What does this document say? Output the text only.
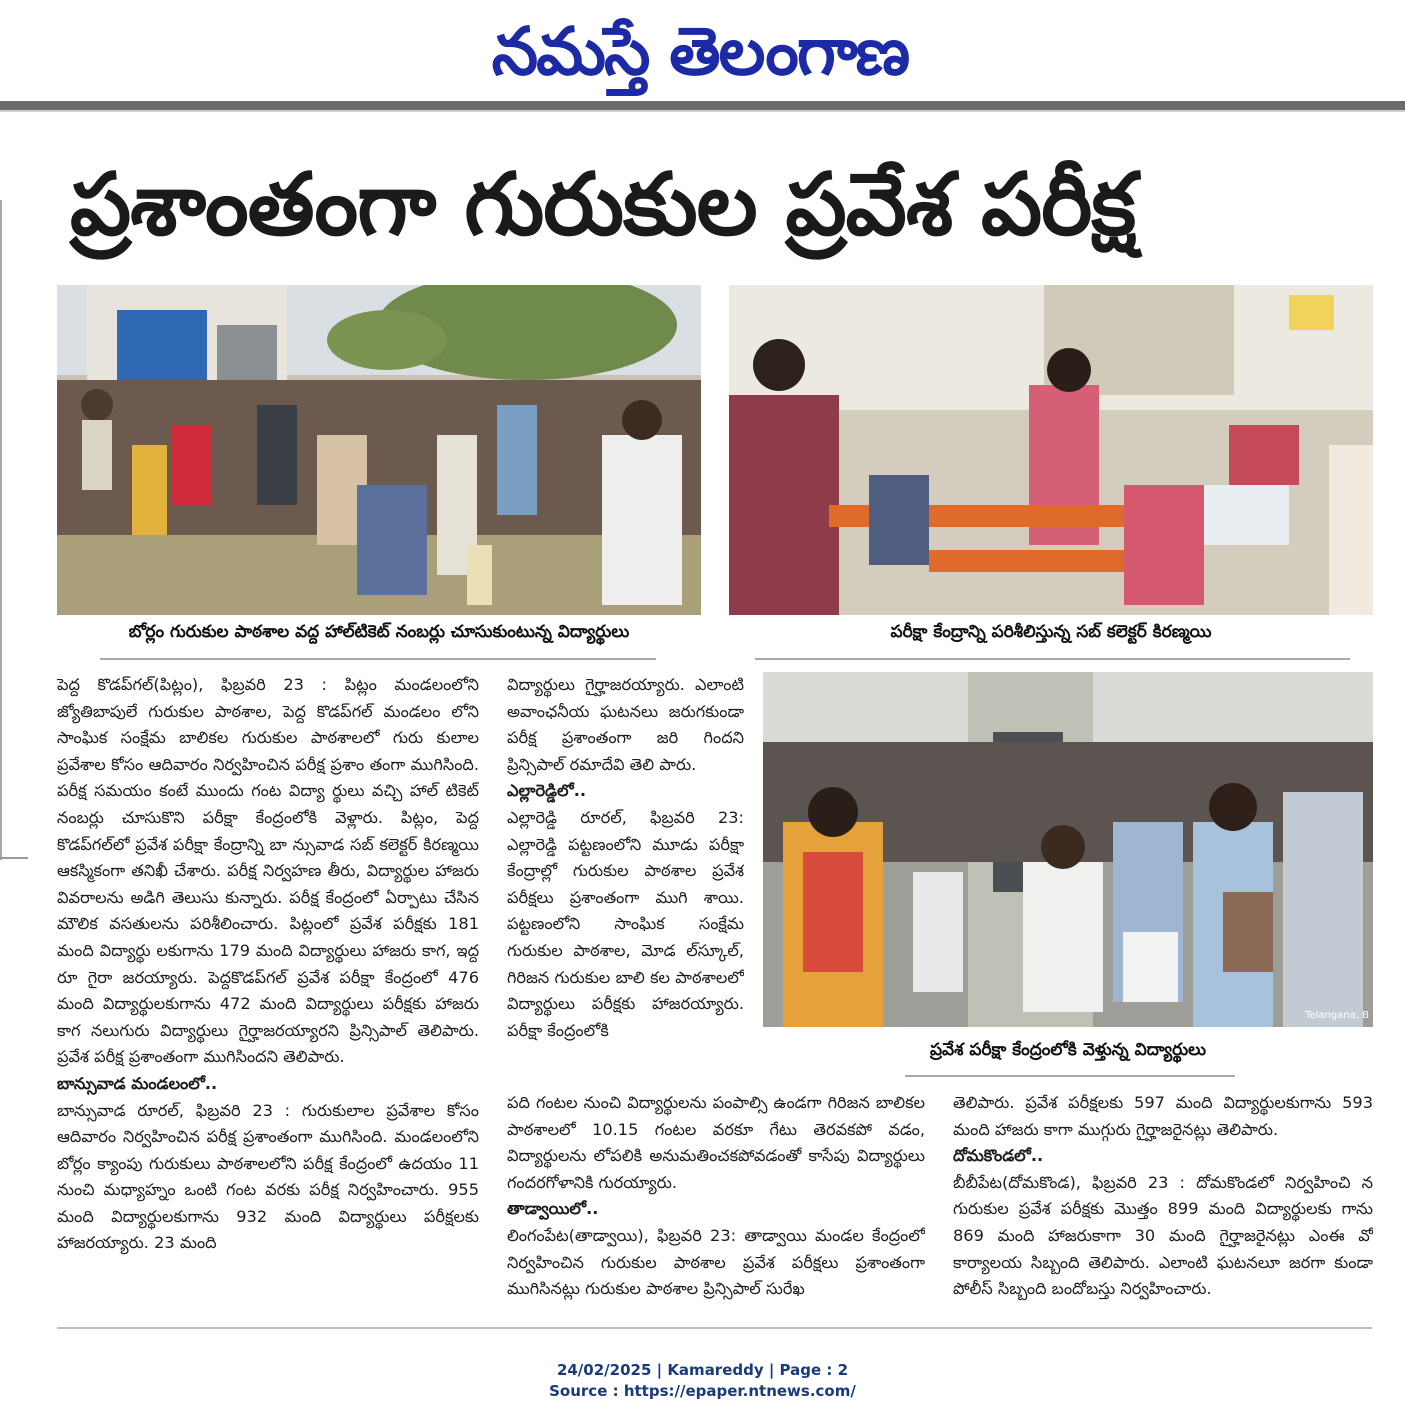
నమస్తే తెలంగాణ
ప్రశాంతంగా గురుకుల ప్రవేశ పరీక్ష
బోర్లం గురుకుల పాఠశాల వద్ద హాల్‌టికెట్ నంబర్లు చూసుకుంటున్న విద్యార్థులు	పరీక్షా కేంద్రాన్ని పరిశీలిస్తున్న సబ్ కలెక్టర్ కిరణ్మయి
Telangana, B
ప్రవేశ పరీక్షా కేంద్రంలోకి వెళ్తున్న విద్యార్థులు

పెద్ద కొడప్‌గల్(పిట్లం), ఫిబ్రవరి 23 : పిట్లం మండలంలోని జ్యోతిబాపులే గురుకుల పాఠశాల, పెద్ద కొడప్‌గల్ మండలం లోని సాంఘిక సంక్షేమ బాలికల గురుకుల పాఠశాలలో గురు కులాల ప్రవేశాల కోసం ఆదివారం నిర్వహించిన పరీక్ష ప్రశాం తంగా ముగిసింది. పరీక్ష సమయం కంటే ముందు గంట విద్యా ర్థులు వచ్చి హాల్ టికెట్ నంబర్లు చూసుకొని పరీక్షా కేంద్రంలోకి వెళ్లారు. పిట్లం, పెద్ద కొడప్‌గల్‌లో ప్రవేశ పరీక్షా కేంద్రాన్ని బా న్సువాడ సబ్ కలెక్టర్ కిరణ్మయి ఆకస్మికంగా తనిఖీ చేశారు. పరీక్ష నిర్వహణ తీరు, విద్యార్థుల హాజరు వివరాలను అడిగి తెలుసు కున్నారు. పరీక్ష కేంద్రంలో ఏర్పాటు చేసిన మౌలిక వసతులను పరిశీలించారు. పిట్లంలో ప్రవేశ పరీక్షకు 181 మంది విద్యార్థు లకుగాను 179 మంది విద్యార్థులు హాజరు కాగ, ఇద్ద రూ గైరా జరయ్యారు. పెద్దకొడప్‌గల్ ప్రవేశ పరీక్షా కేంద్రంలో 476 మంది విద్యార్థులకుగాను 472 మంది విద్యార్థులు పరీక్షకు హాజరు కాగ నలుగురు విద్యార్థులు గైర్హాజరయ్యారని ప్రిన్సిపాల్ తెలిపారు. ప్రవేశ పరీక్ష ప్రశాంతంగా ముగిసిందని తెలిపారు.

బాన్సువాడ మండలంలో..

బాన్సువాడ రూరల్, ఫిబ్రవరి 23 : గురుకులాల ప్రవేశాల కోసం ఆదివారం నిర్వహించిన పరీక్ష ప్రశాంతంగా ముగిసింది. మండలంలోని బోర్లం క్యాంపు గురుకులు పాఠశాలలోని పరీక్ష కేంద్రంలో ఉదయం 11 నుంచి మధ్యాహ్నం ఒంటి గంట వరకు పరీక్ష నిర్వహించారు. 955 మంది విద్యార్థులకుగాను 932 మంది విద్యార్థులు పరీక్షలకు హాజరయ్యారు. 23 మంది

విద్యార్థులు గైర్హాజరయ్యారు. ఎలాంటి అవాంఛనీయ ఘటనలు జరుగకుండా పరీక్ష ప్రశాంతంగా జరి గిందని ప్రిన్సిపాల్ రమాదేవి తెలి పారు.

ఎల్లారెడ్డిలో..

ఎల్లారెడ్డి రూరల్, ఫిబ్రవరి 23: ఎల్లారెడ్డి పట్టణంలోని మూడు పరీక్షా కేంద్రాల్లో గురుకుల పాఠశాల ప్రవేశ పరీక్షలు ప్రశాంతంగా ముగి శాయి. పట్టణంలోని సాంఘిక సంక్షేమ గురుకుల పాఠశాల, మోడ ల్‌స్కూల్, గిరిజన గురుకుల బాలి కల పాఠశాలలో విద్యార్థులు పరీక్షకు హాజరయ్యారు. పరీక్షా కేంద్రంలోకి

పది గంటల నుంచి విద్యార్థులను పంపాల్సి ఉండగా గిరిజన బాలికల పాఠశాలలో 10.15 గంటల వరకూ గేటు తెరవకపో వడం, విద్యార్థులను లోపలికి అనుమతించకపోవడంతో కాసేపు విద్యార్థులు గందరగోళానికి గురయ్యారు.

తాడ్వాయిలో..

లింగంపేట(తాడ్వాయి), ఫిబ్రవరి 23: తాడ్వాయి మండల కేంద్రంలో నిర్వహించిన గురుకుల పాఠశాల ప్రవేశ పరీక్షలు ప్రశాంతంగా ముగిసినట్లు గురుకుల పాఠశాల ప్రిన్సిపాల్ సురేఖ

తెలిపారు. ప్రవేశ పరీక్షలకు 597 మంది విద్యార్థులకుగాను 593 మంది హాజరు కాగా ముగ్గురు గైర్హాజరైనట్లు తెలిపారు.

దోమకొండలో..

బీబీపేట(దోమకొండ), ఫిబ్రవరి 23 : దోమకొండలో నిర్వహించి న గురుకుల ప్రవేశ పరీక్షకు మొత్తం 899 మంది విద్యార్థులకు గాను 869 మంది హాజరుకాగా 30 మంది గైర్హాజరైనట్లు ఎంఈ వో కార్యాలయ సిబ్బంది తెలిపారు. ఎలాంటి ఘటనలూ జరగా కుండా పోలీస్ సిబ్బంది బందోబస్తు నిర్వహించారు.

24/02/2025 | Kamareddy | Page : 2
Source : https://epaper.ntnews.com/
